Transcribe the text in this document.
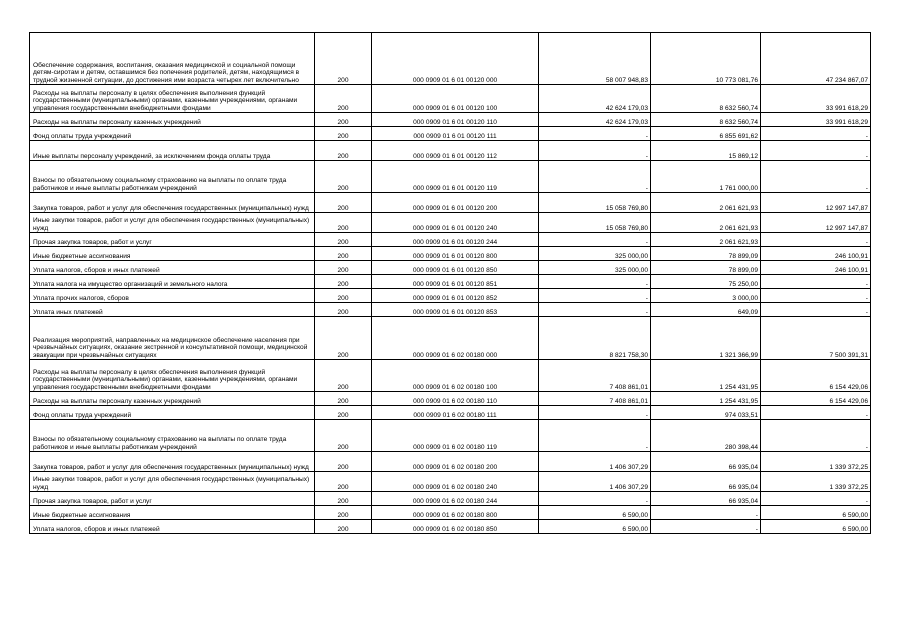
Обеспечение содержания, воспитания, оказания медицинской и социальной помощи детям-сиротам и детям, оставшимся без попечения родителей, детям, находящимся в трудной жизненной ситуации, до достижения ими возраста четырех лет включительно	200	000 0909 01 6 01 00120 000	58 007 948,83	10 773 081,76	47 234 867,07
Расходы на выплаты персоналу в целях обеспечения выполнения функций государственными (муниципальными) органами, казенными учреждениями, органами управления государственными внебюджетными фондами	200	000 0909 01 6 01 00120 100	42 624 179,03	8 632 560,74	33 991 618,29
Расходы на выплаты персоналу казенных учреждений	200	000 0909 01 6 01 00120 110	42 624 179,03	8 632 560,74	33 991 618,29
Фонд оплаты труда учреждений	200	000 0909 01 6 01 00120 111	-	6 855 691,62	-
Иные выплаты персоналу учреждений, за исключением фонда оплаты труда	200	000 0909 01 6 01 00120 112	-	15 869,12	-
Взносы по обязательному социальному страхованию на выплаты по оплате труда работников и иные выплаты работникам учреждений	200	000 0909 01 6 01 00120 119	-	1 761 000,00	-
Закупка товаров, работ и услуг для обеспечения государственных (муниципальных) нужд	200	000 0909 01 6 01 00120 200	15 058 769,80	2 061 621,93	12 997 147,87
Иные закупки товаров, работ и услуг для обеспечения государственных (муниципальных) нужд	200	000 0909 01 6 01 00120 240	15 058 769,80	2 061 621,93	12 997 147,87
Прочая закупка товаров, работ и услуг	200	000 0909 01 6 01 00120 244	-	2 061 621,93	-
Иные бюджетные ассигнования	200	000 0909 01 6 01 00120 800	325 000,00	78 899,09	246 100,91
Уплата налогов, сборов и иных платежей	200	000 0909 01 6 01 00120 850	325 000,00	78 899,09	246 100,91
Уплата налога на имущество организаций и земельного налога	200	000 0909 01 6 01 00120 851	-	75 250,00	-
Уплата прочих налогов, сборов	200	000 0909 01 6 01 00120 852	-	3 000,00	-
Уплата иных платежей	200	000 0909 01 6 01 00120 853	-	649,09	-
Реализация мероприятий, направленных на медицинское обеспечение населения при чрезвычайных ситуациях, оказание экстренной и консультативной помощи, медицинской эвакуации при чрезвычайных ситуациях	200	000 0909 01 6 02 00180 000	8 821 758,30	1 321 366,99	7 500 391,31
Расходы на выплаты персоналу в целях обеспечения выполнения функций государственными (муниципальными) органами, казенными учреждениями, органами управления государственными внебюджетными фондами	200	000 0909 01 6 02 00180 100	7 408 861,01	1 254 431,95	6 154 429,06
Расходы на выплаты персоналу казенных учреждений	200	000 0909 01 6 02 00180 110	7 408 861,01	1 254 431,95	6 154 429,06
Фонд оплаты труда учреждений	200	000 0909 01 6 02 00180 111	-	974 033,51	-
Взносы по обязательному социальному страхованию на выплаты по оплате труда работников и иные выплаты работникам учреждений	200	000 0909 01 6 02 00180 119	-	280 398,44	-
Закупка товаров, работ и услуг для обеспечения государственных (муниципальных) нужд	200	000 0909 01 6 02 00180 200	1 406 307,29	66 935,04	1 339 372,25
Иные закупки товаров, работ и услуг для обеспечения государственных (муниципальных) нужд	200	000 0909 01 6 02 00180 240	1 406 307,29	66 935,04	1 339 372,25
Прочая закупка товаров, работ и услуг	200	000 0909 01 6 02 00180 244	-	66 935,04	-
Иные бюджетные ассигнования	200	000 0909 01 6 02 00180 800	6 590,00	-	6 590,00
Уплата налогов, сборов и иных платежей	200	000 0909 01 6 02 00180 850	6 590,00	-	6 590,00
